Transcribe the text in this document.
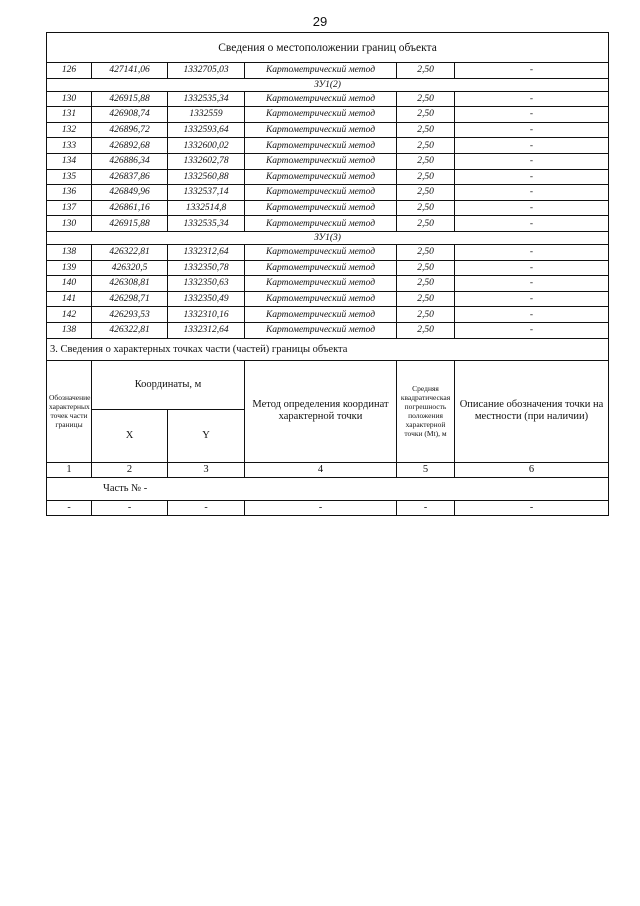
29
Сведения о местоположении границ объекта					
126	427141,06	1332705,03	Картометрический метод	2,50	-
ЗУ1(2)					
130	426915,88	1332535,34	Картометрический метод	2,50	-
131	426908,74	1332559	Картометрический метод	2,50	-
132	426896,72	1332593,64	Картометрический метод	2,50	-
133	426892,68	1332600,02	Картометрический метод	2,50	-
134	426886,34	1332602,78	Картометрический метод	2,50	-
135	426837,86	1332560,88	Картометрический метод	2,50	-
136	426849,96	1332537,14	Картометрический метод	2,50	-
137	426861,16	1332514,8	Картометрический метод	2,50	-
130	426915,88	1332535,34	Картометрический метод	2,50	-
ЗУ1(3)					
138	426322,81	1332312,64	Картометрический метод	2,50	-
139	426320,5	1332350,78	Картометрический метод	2,50	-
140	426308,81	1332350,63	Картометрический метод	2,50	-
141	426298,71	1332350,49	Картометрический метод	2,50	-
142	426293,53	1332310,16	Картометрический метод	2,50	-
138	426322,81	1332312,64	Картометрический метод	2,50	-
3. Сведения о характерных точках части (частей) границы объекта					
Обозначение характерных точек части границы	Координаты, м		Метод определения координат характерной точки	Средняя квадратическая погрешность положения характерной точки (Mt), м	Описание обозначения точки на местности (при наличии)
	X	Y			
1	2	3	4	5	6
Часть № -					
-	-	-	-	-	-
